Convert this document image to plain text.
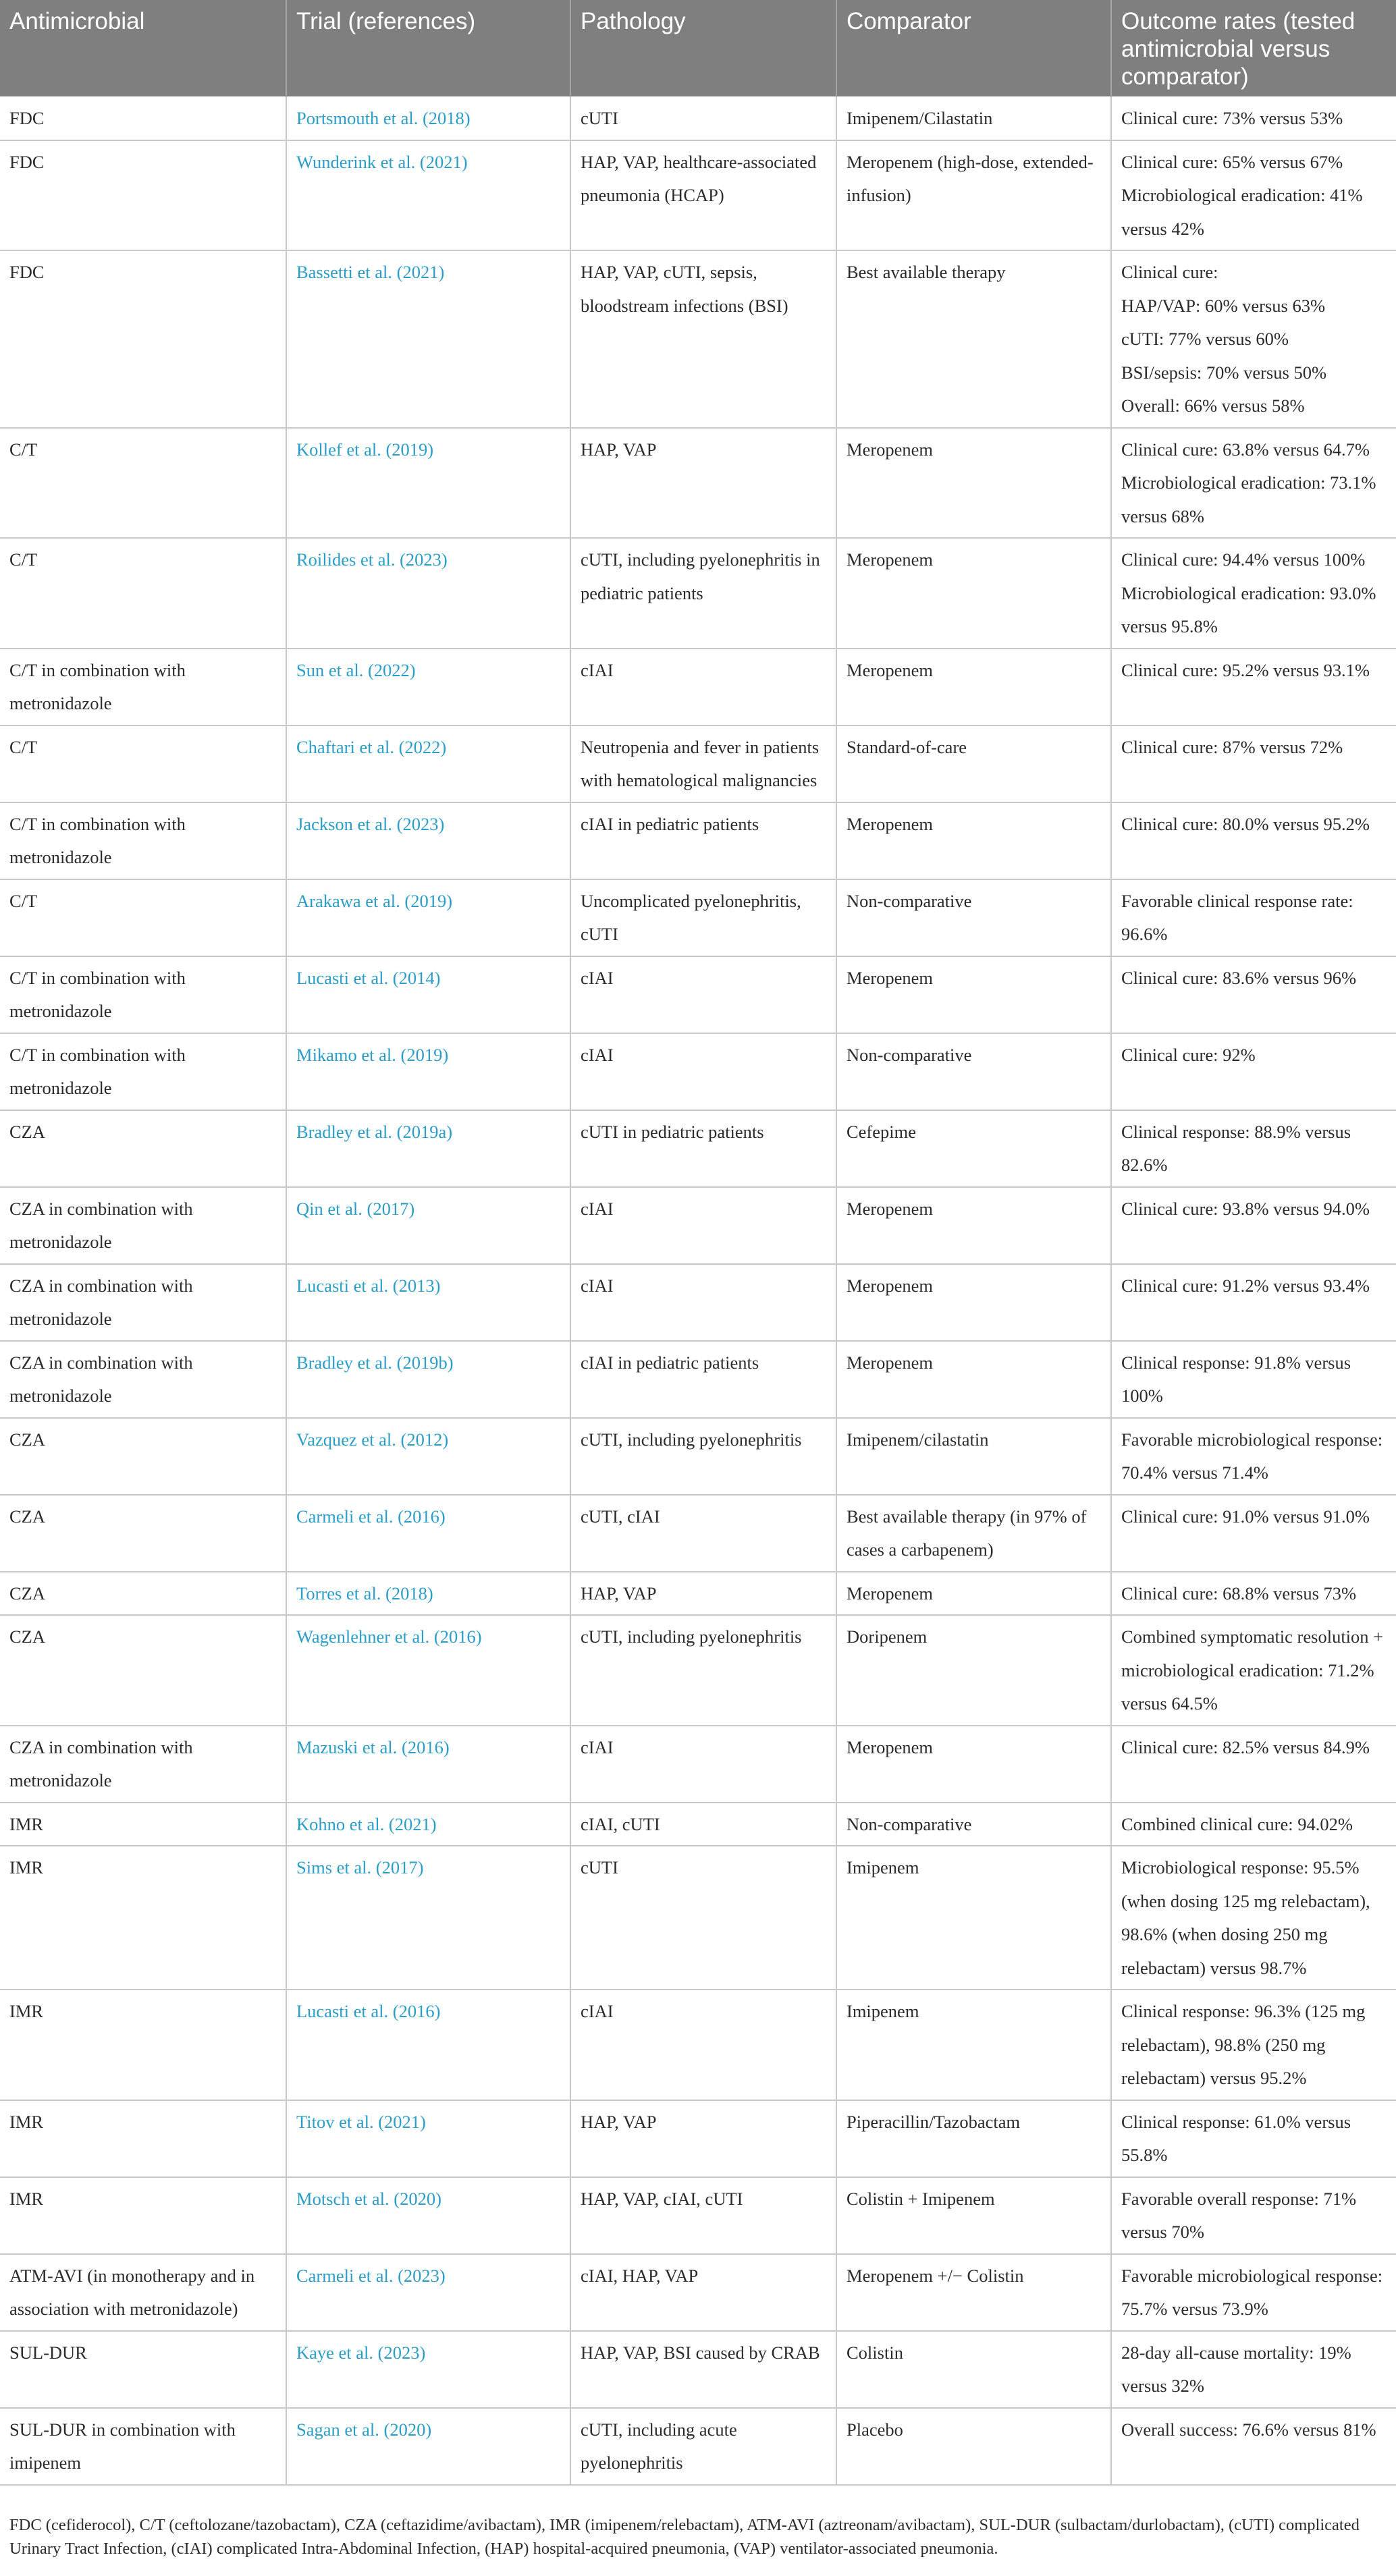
Antimicrobial	Trial (references)	Pathology	Comparator	Outcome rates (tested antimicrobial versus comparator)
FDC	Portsmouth et al. (2018)	cUTI	Imipenem/Cilastatin	Clinical cure: 73% versus 53%

FDC	Wunderink et al. (2021)	HAP, VAP, healthcare-associated pneumonia (HCAP)	Meropenem (high-dose, extended-infusion)	Clinical cure: 65% versus 67% Microbiological eradication: 41% versus 42%

FDC	Bassetti et al. (2021)	HAP, VAP, cUTI, sepsis, bloodstream infections (BSI)	Best available therapy	Clinical cure:
HAP/VAP: 60% versus 63%
cUTI: 77% versus 60%
BSI/sepsis: 70% versus 50%
Overall: 66% versus 58%

C/T	Kollef et al. (2019)	HAP, VAP	Meropenem	Clinical cure: 63.8% versus 64.7%
Microbiological eradication: 73.1% versus 68%

C/T	Roilides et al. (2023)	cUTI, including pyelonephritis in pediatric patients	Meropenem	Clinical cure: 94.4% versus 100%
Microbiological eradication: 93.0% versus 95.8%

C/T in combination with metronidazole	Sun et al. (2022)	cIAI	Meropenem	Clinical cure: 95.2% versus 93.1%

C/T	Chaftari et al. (2022)	Neutropenia and fever in patients with hematological malignancies	Standard-of-care	Clinical cure: 87% versus 72%

C/T in combination with metronidazole	Jackson et al. (2023)	cIAI in pediatric patients	Meropenem	Clinical cure: 80.0% versus 95.2%

C/T	Arakawa et al. (2019)	Uncomplicated pyelonephritis, cUTI	Non-comparative	Favorable clinical response rate: 96.6%

C/T in combination with metronidazole	Lucasti et al. (2014)	cIAI	Meropenem	Clinical cure: 83.6% versus 96%

C/T in combination with metronidazole	Mikamo et al. (2019)	cIAI	Non-comparative	Clinical cure: 92%

CZA	Bradley et al. (2019a)	cUTI in pediatric patients	Cefepime	Clinical response: 88.9% versus 82.6%

CZA in combination with metronidazole	Qin et al. (2017)	cIAI	Meropenem	Clinical cure: 93.8% versus 94.0%

CZA in combination with metronidazole	Lucasti et al. (2013)	cIAI	Meropenem	Clinical cure: 91.2% versus 93.4%

CZA in combination with metronidazole	Bradley et al. (2019b)	cIAI in pediatric patients	Meropenem	Clinical response: 91.8% versus 100%

CZA	Vazquez et al. (2012)	cUTI, including pyelonephritis	Imipenem/cilastatin	Favorable microbiological response: 70.4% versus 71.4%

CZA	Carmeli et al. (2016)	cUTI, cIAI	Best available therapy (in 97% of cases a carbapenem)	Clinical cure: 91.0% versus 91.0%

CZA	Torres et al. (2018)	HAP, VAP	Meropenem	Clinical cure: 68.8% versus 73%

CZA	Wagenlehner et al. (2016)	cUTI, including pyelonephritis	Doripenem	Combined symptomatic resolution + microbiological eradication: 71.2% versus 64.5%

CZA in combination with metronidazole	Mazuski et al. (2016)	cIAI	Meropenem	Clinical cure: 82.5% versus 84.9%

IMR	Kohno et al. (2021)	cIAI, cUTI	Non-comparative	Combined clinical cure: 94.02%

IMR	Sims et al. (2017)	cUTI	Imipenem	Microbiological response: 95.5% (when dosing 125 mg relebactam), 98.6% (when dosing 250 mg relebactam) versus 98.7%

IMR	Lucasti et al. (2016)	cIAI	Imipenem	Clinical response: 96.3% (125 mg relebactam), 98.8% (250 mg relebactam) versus 95.2%

IMR	Titov et al. (2021)	HAP, VAP	Piperacillin/Tazobactam	Clinical response: 61.0% versus 55.8%

IMR	Motsch et al. (2020)	HAP, VAP, cIAI, cUTI	Colistin + Imipenem	Favorable overall response: 71% versus 70%

ATM-AVI (in monotherapy and in association with metronidazole)	Carmeli et al. (2023)	cIAI, HAP, VAP	Meropenem +/− Colistin	Favorable microbiological response: 75.7% versus 73.9%

SUL-DUR	Kaye et al. (2023)	HAP, VAP, BSI caused by CRAB	Colistin	28-day all-cause mortality: 19% versus 32%

SUL-DUR in combination with imipenem	Sagan et al. (2020)	cUTI, including acute pyelonephritis	Placebo	Overall success: 76.6% versus 81%
FDC (cefiderocol), C/T (ceftolozane/tazobactam), CZA (ceftazidime/avibactam), IMR (imipenem/relebactam), ATM-AVI (aztreonam/avibactam), SUL-DUR (sulbactam/durlobactam), (cUTI) complicated Urinary Tract Infection, (cIAI) complicated Intra-Abdominal Infection, (HAP) hospital-acquired pneumonia, (VAP) ventilator-associated pneumonia.
